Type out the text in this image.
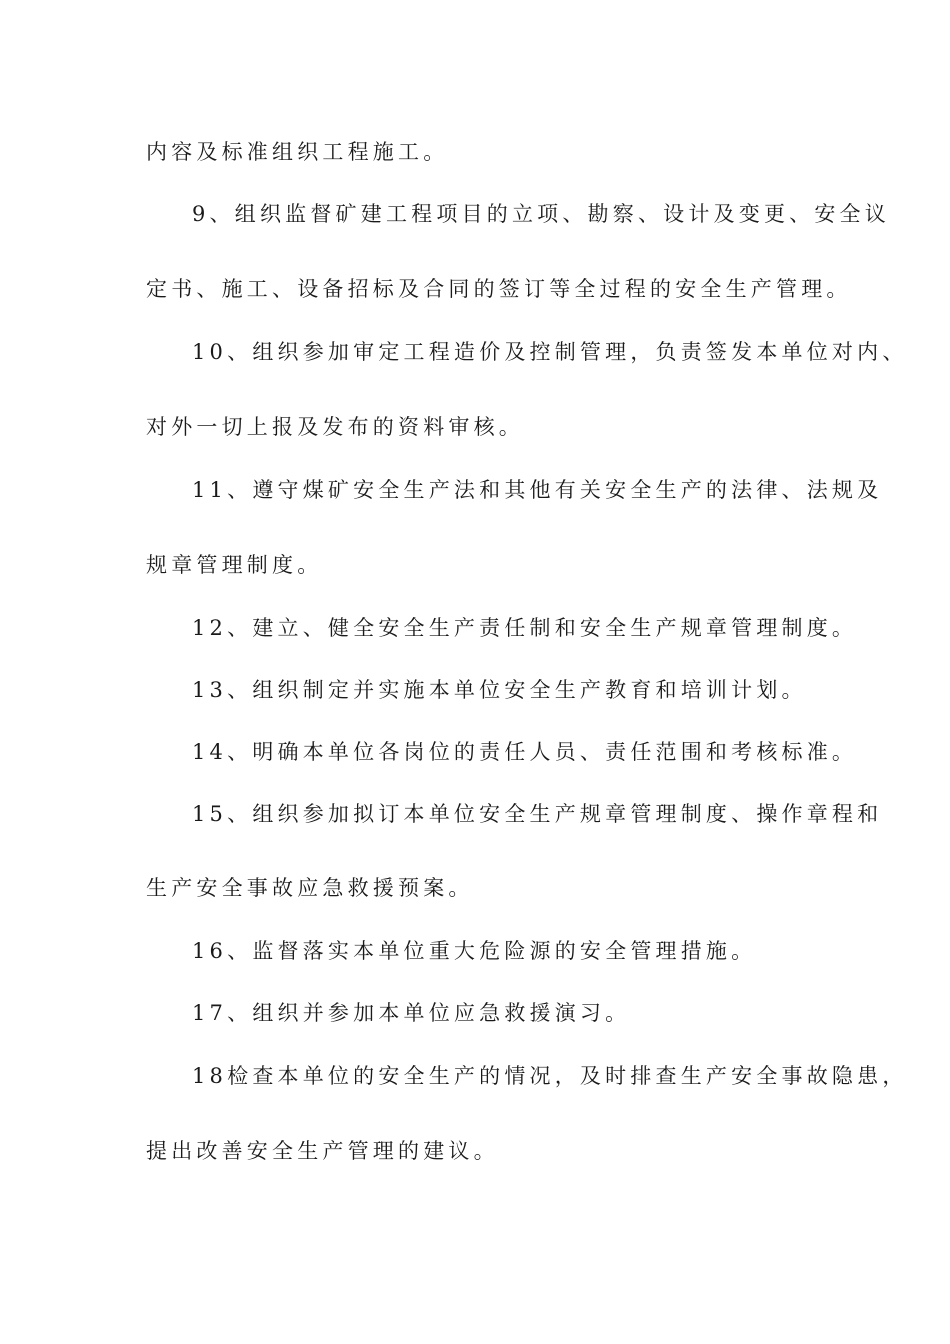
内容及标准组织工程施工。
9、组织监督矿建工程项目的立项、勘察、设计及变更、安全议
定书、施工、设备招标及合同的签订等全过程的安全生产管理。
10、组织参加审定工程造价及控制管理，负责签发本单位对内、
对外一切上报及发布的资料审核。
11、遵守煤矿安全生产法和其他有关安全生产的法律、法规及
规章管理制度。
12、建立、健全安全生产责任制和安全生产规章管理制度。
13、组织制定并实施本单位安全生产教育和培训计划。
14、明确本单位各岗位的责任人员、责任范围和考核标准。
15、组织参加拟订本单位安全生产规章管理制度、操作章程和
生产安全事故应急救援预案。
16、监督落实本单位重大危险源的安全管理措施。
17、组织并参加本单位应急救援演习。
18检查本单位的安全生产的情况，及时排查生产安全事故隐患，
提出改善安全生产管理的建议。
